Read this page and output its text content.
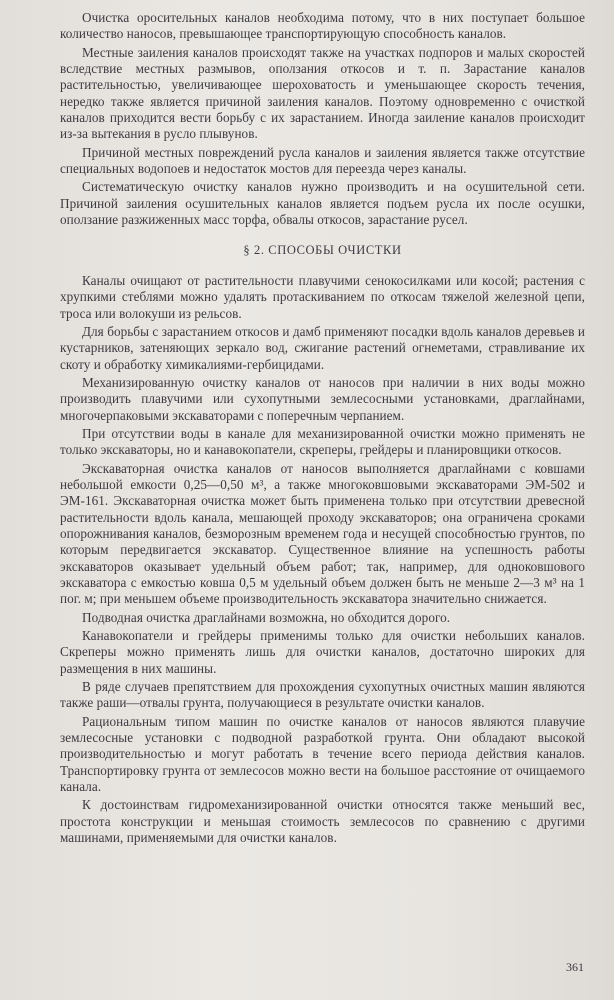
Очистка оросительных каналов необходима потому, что в них поступает большое количество наносов, превышающее транспортирующую способность каналов.

Местные заиления каналов происходят также на участках подпоров и малых скоростей вследствие местных размывов, оползания откосов и т. п. Зарастание каналов растительностью, увеличивающее шероховатость и уменьшающее скорость течения, нередко также является причиной заиления каналов. Поэтому одновременно с очисткой каналов приходится вести борьбу с их зарастанием. Иногда заиление каналов происходит из-за вытекания в русло плывунов.

Причиной местных повреждений русла каналов и заиления является также отсутствие специальных водопоев и недостаток мостов для переезда через каналы.

Систематическую очистку каналов нужно производить и на осушительной сети. Причиной заиления осушительных каналов является подъем русла их после осушки, оползание разжиженных масс торфа, обвалы откосов, зарастание русел.

§ 2. СПОСОБЫ ОЧИСТКИ

Каналы очищают от растительности плавучими сенокосилками или косой; растения с хрупкими стеблями можно удалять протаскиванием по откосам тяжелой железной цепи, троса или волокуши из рельсов.

Для борьбы с зарастанием откосов и дамб применяют посадки вдоль каналов деревьев и кустарников, затеняющих зеркало вод, сжигание растений огнеметами, стравливание их скоту и обработку химикалиями-гербицидами.

Механизированную очистку каналов от наносов при наличии в них воды можно производить плавучими или сухопутными землесосными установками, драглайнами, многочерпаковыми экскаваторами с поперечным черпанием.

При отсутствии воды в канале для механизированной очистки можно применять не только экскаваторы, но и канавокопатели, скреперы, грейдеры и планировщики откосов.

Экскаваторная очистка каналов от наносов выполняется драглайнами с ковшами небольшой емкости 0,25—0,50 м³, а также многоковшовыми экскаваторами ЭМ-502 и ЭМ-161. Экскаваторная очистка может быть применена только при отсутствии древесной растительности вдоль канала, мешающей проходу экскаваторов; она ограничена сроками опорожнивания каналов, безморозным временем года и несущей способностью грунтов, по которым передвигается экскаватор. Существенное влияние на успешность работы экскаваторов оказывает удельный объем работ; так, например, для одноковшового экскаватора с емкостью ковша 0,5 м удельный объем должен быть не меньше 2—3 м³ на 1 пог. м; при меньшем объеме производительность экскаватора значительно снижается.

Подводная очистка драглайнами возможна, но обходится дорого.

Канавокопатели и грейдеры применимы только для очистки небольших каналов. Скреперы можно применять лишь для очистки каналов, достаточно широких для размещения в них машины.

В ряде случаев препятствием для прохождения сухопутных очистных машин являются также раши—отвалы грунта, получающиеся в результате очистки каналов.

Рациональным типом машин по очистке каналов от наносов являются плавучие землесосные установки с подводной разработкой грунта. Они обладают высокой производительностью и могут работать в течение всего периода действия каналов. Транспортировку грунта от землесосов можно вести на большое расстояние от очищаемого канала.

К достоинствам гидромеханизированной очистки относятся также меньший вес, простота конструкции и меньшая стоимость землесосов по сравнению с другими машинами, применяемыми для очистки каналов.

361
